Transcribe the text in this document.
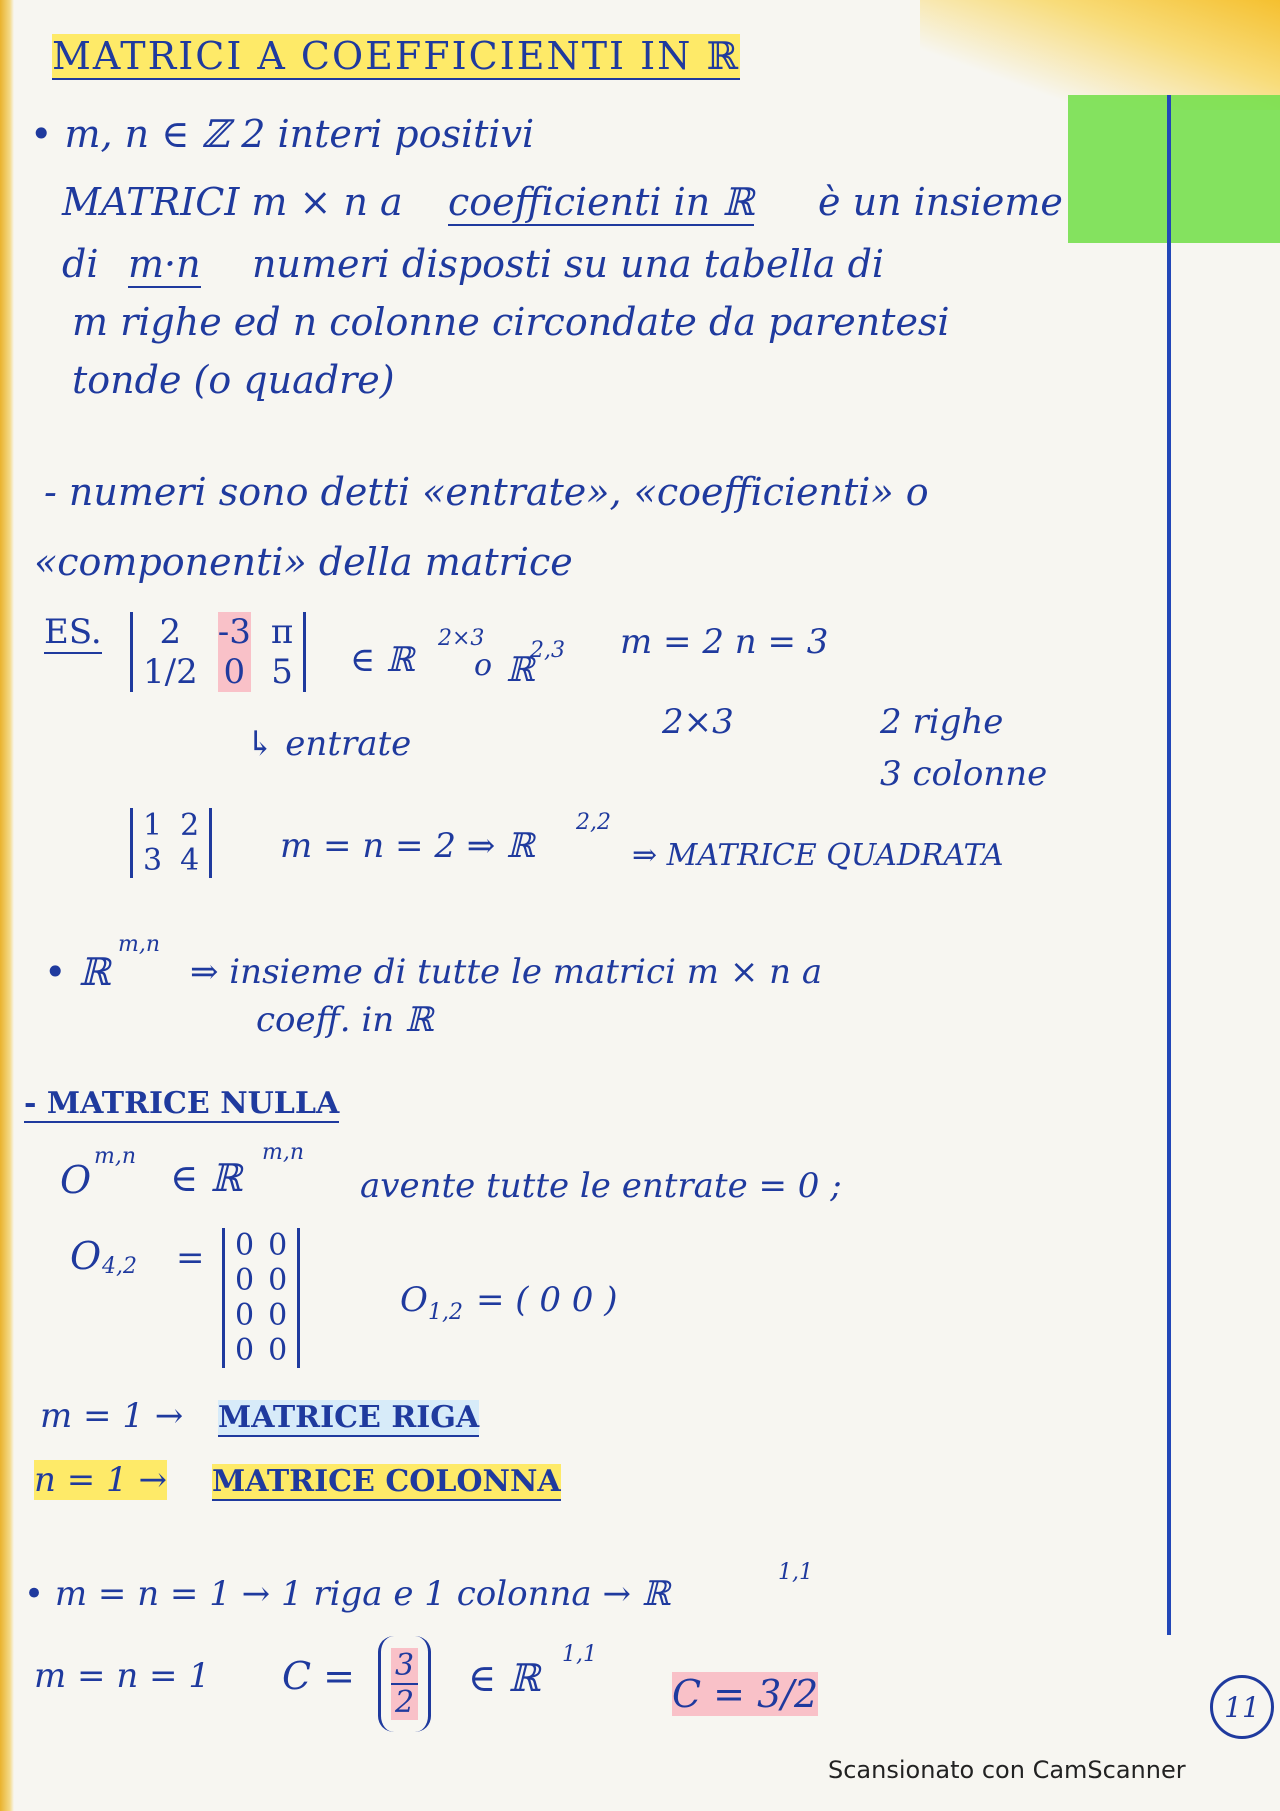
MATRICI A COEFFICIENTI IN ℝ
• m, n ∈ ℤ 2 interi positivi
MATRICI m × n a coefficienti in ℝ è un insieme
di m·n numeri disposti su una tabella di
m righe ed n colonne circondate da parentesi
tonde (o quadre)
- numeri sono detti «entrate», «coefficienti» o
«componenti» della matrice
ES.	2	-3 π
1/2 0 5 ∈ ℝ
2×3
o ℝ
2,3 m = 2 n = 3
↳ entrate
2×3	2 righe
3 colonne
1 2
3 4 m = n = 2 ⇒ ℝ
2,2
⇒ MATRICE QUADRATA
• ℝ
m,n
⇒ insieme di tutte le matrici m × n a
coeff. in ℝ
- MATRICE NULLA
O
m,n ∈ ℝ
m,n
avente tutte le entrate = 0 ;
O 4,2 = 0 0
0 0
0 0
0 0
O 1,2 = ( 0 0 )
m = 1 → MATRICE RIGA
n = 1 → MATRICE COLONNA
• m = n = 1 → 1 riga e 1 colonna → ℝ
1,1
m = n = 1 $C = \frac{3}{2}$ ∈ ℝ
1,1
C = 3/2	11
Scansionato con CamScanner
